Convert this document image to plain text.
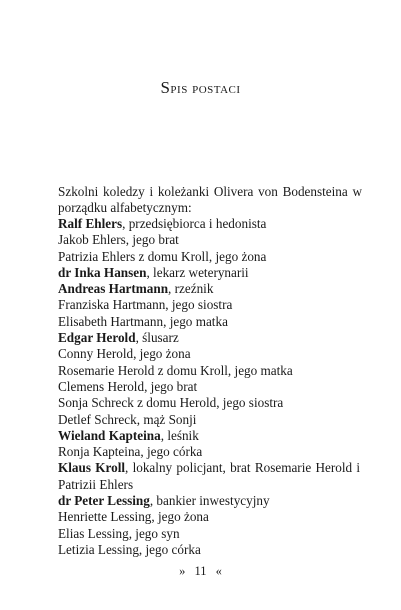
Spis postaci
Szkolni koledzy i koleżanki Olivera von Bodensteina w porządku alfabetycznym:
Ralf Ehlers, przedsiębiorca i hedonista
Jakob Ehlers, jego brat
Patrizia Ehlers z domu Kroll, jego żona
dr Inka Hansen, lekarz weterynarii
Andreas Hartmann, rzeźnik
Franziska Hartmann, jego siostra
Elisabeth Hartmann, jego matka
Edgar Herold, ślusarz
Conny Herold, jego żona
Rosemarie Herold z domu Kroll, jego matka
Clemens Herold, jego brat
Sonja Schreck z domu Herold, jego siostra
Detlef Schreck, mąż Sonji
Wieland Kapteina, leśnik
Ronja Kapteina, jego córka
Klaus Kroll, lokalny policjant, brat Rosemarie Herold i Patrizii Ehlers
dr Peter Lessing, bankier inwestycyjny
Henriette Lessing, jego żona
Elias Lessing, jego syn
Letizia Lessing, jego córka
» 11 «
